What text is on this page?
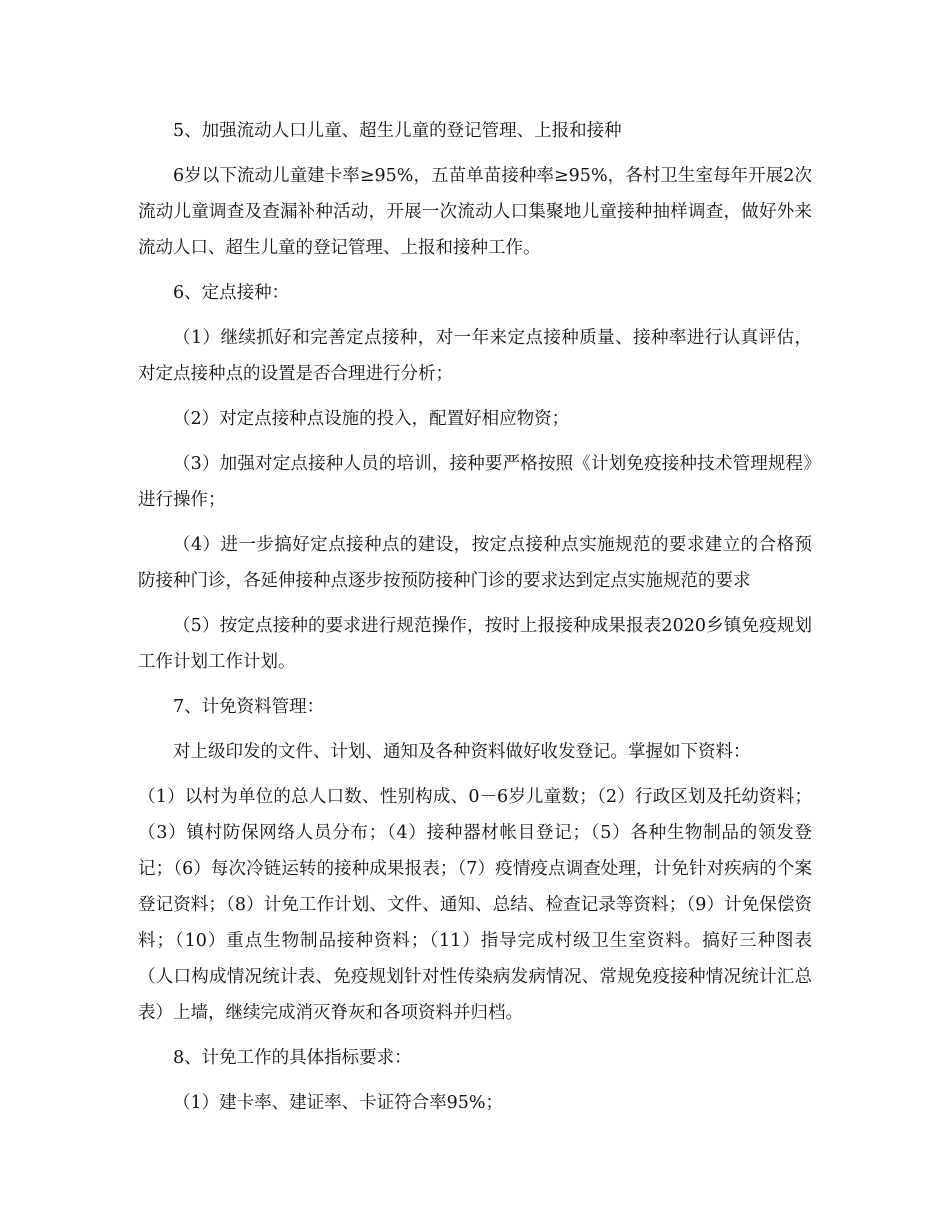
5、加强流动人口儿童、超生儿童的登记管理、上报和接种

6岁以下流动儿童建卡率≥95%，五苗单苗接种率≥95%，各村卫生室每年开展2次流动儿童调查及查漏补种活动，开展一次流动人口集聚地儿童接种抽样调查，做好外来流动人口、超生儿童的登记管理、上报和接种工作。

6、定点接种：

（1）继续抓好和完善定点接种，对一年来定点接种质量、接种率进行认真评估，对定点接种点的设置是否合理进行分析；

（2）对定点接种点设施的投入，配置好相应物资；

（3）加强对定点接种人员的培训，接种要严格按照《计划免疫接种技术管理规程》进行操作；

（4）进一步搞好定点接种点的建设，按定点接种点实施规范的要求建立的合格预防接种门诊，各延伸接种点逐步按预防接种门诊的要求达到定点实施规范的要求

（5）按定点接种的要求进行规范操作，按时上报接种成果报表2020乡镇免疫规划工作计划工作计划。

7、计免资料管理：

对上级印发的文件、计划、通知及各种资料做好收发登记。掌握如下资料：

（1）以村为单位的总人口数、性别构成、0－6岁儿童数；（2）行政区划及托幼资料；（3）镇村防保网络人员分布；（4）接种器材帐目登记；（5）各种生物制品的领发登记；（6）每次冷链运转的接种成果报表；（7）疫情疫点调查处理，计免针对疾病的个案登记资料；（8）计免工作计划、文件、通知、总结、检查记录等资料；（9）计免保偿资料；（10）重点生物制品接种资料；（11）指导完成村级卫生室资料。搞好三种图表（人口构成情况统计表、免疫规划针对性传染病发病情况、常规免疫接种情况统计汇总表）上墙，继续完成消灭脊灰和各项资料并归档。

8、计免工作的具体指标要求：

（1）建卡率、建证率、卡证符合率95%；
